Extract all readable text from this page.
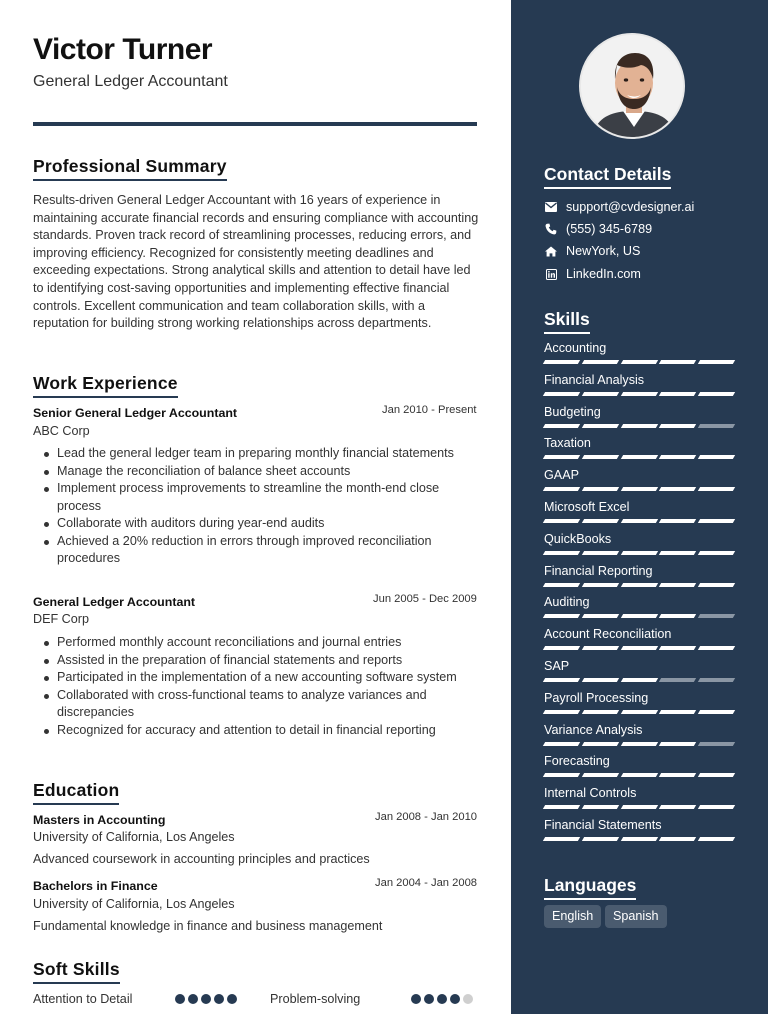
Victor Turner
General Ledger Accountant
Professional Summary
Results-driven General Ledger Accountant with 16 years of experience in maintaining accurate financial records and ensuring compliance with accounting standards. Proven track record of streamlining processes, reducing errors, and improving efficiency. Recognized for consistently meeting deadlines and exceeding expectations. Strong analytical skills and attention to detail have led to identifying cost-saving opportunities and implementing effective financial controls. Excellent communication and team collaboration skills, with a reputation for building strong working relationships across departments.
Work Experience
Senior General Ledger Accountant	Jan 2010 - Present
ABC Corp
Lead the general ledger team in preparing monthly financial statements
Manage the reconciliation of balance sheet accounts
Implement process improvements to streamline the month-end close process
Collaborate with auditors during year-end audits
Achieved a 20% reduction in errors through improved reconciliation procedures
General Ledger Accountant	Jun 2005 - Dec 2009
DEF Corp
Performed monthly account reconciliations and journal entries
Assisted in the preparation of financial statements and reports
Participated in the implementation of a new accounting software system
Collaborated with cross-functional teams to analyze variances and discrepancies
Recognized for accuracy and attention to detail in financial reporting
Education
Masters in Accounting	Jan 2008 - Jan 2010
University of California, Los Angeles
Advanced coursework in accounting principles and practices
Bachelors in Finance	Jan 2004 - Jan 2008
University of California, Los Angeles
Fundamental knowledge in finance and business management
Soft Skills
Attention to Detail	Problem-solving
Contact Details
support@cvdesigner.ai
(555) 345-6789
NewYork, US
LinkedIn.com
Skills
Accounting
Financial Analysis
Budgeting
Taxation
GAAP
Microsoft Excel
QuickBooks
Financial Reporting
Auditing
Account Reconciliation
SAP
Payroll Processing
Variance Analysis
Forecasting
Internal Controls
Financial Statements
Languages
English	Spanish
